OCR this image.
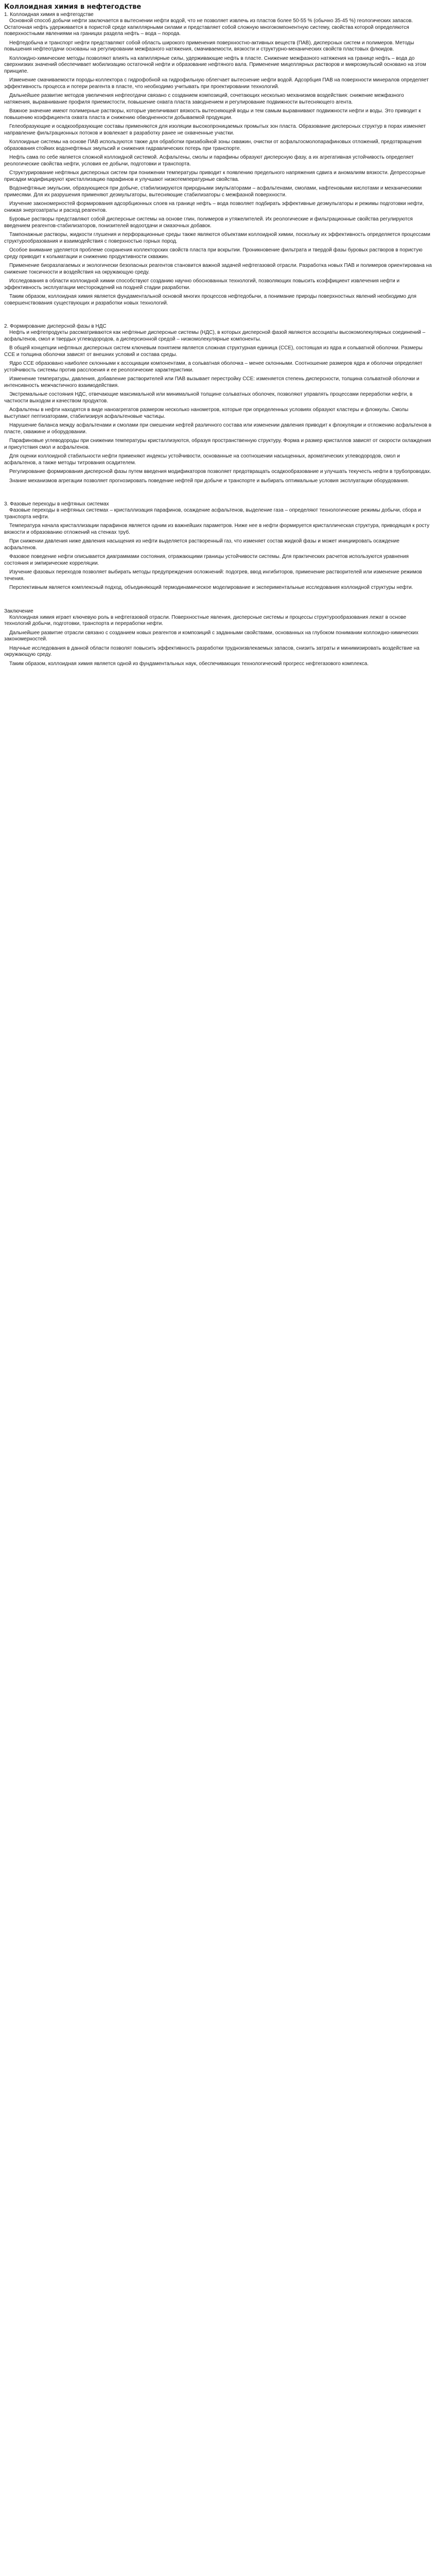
Коллоидная химия в нефтегодстве
1. Коллоидная химия в нефтегодстве

Основной способ добычи нефти заключается в вытеснении нефти водой, что не позволяет извлечь из пластов более 50-55 % (обычно 35-45 %) геологических запасов. Остаточная нефть удерживается в пористой среде капиллярными силами и представляет собой сложную многокомпонентную систему, свойства которой определяются поверхностными явлениями на границах раздела нефть – вода – порода.

Нефтедобыча и транспорт нефти представляют собой область широкого применения поверхностно-активных веществ (ПАВ), дисперсных систем и полимеров. Методы повышения нефтеотдачи основаны на регулировании межфазного натяжения, смачиваемости, вязкости и структурно-механических свойств пластовых флюидов.

Коллоидно-химические методы позволяют влиять на капиллярные силы, удерживающие нефть в пласте. Снижение межфазного натяжения на границе нефть – вода до сверхнизких значений обеспечивает мобилизацию остаточной нефти и образование нефтяного вала. Применение мицеллярных растворов и микроэмульсий основано на этом принципе.

Изменение смачиваемости породы-коллектора с гидрофобной на гидрофильную облегчает вытеснение нефти водой. Адсорбция ПАВ на поверхности минералов определяет эффективность процесса и потери реагента в пласте, что необходимо учитывать при проектировании технологий.

Дальнейшее развитие методов увеличения нефтеотдачи связано с созданием композиций, сочетающих несколько механизмов воздействия: снижение межфазного натяжения, выравнивание профиля приемистости, повышение охвата пласта заводнением и регулирование подвижности вытесняющего агента.

Важное значение имеют полимерные растворы, которые увеличивают вязкость вытесняющей воды и тем самым выравнивают подвижности нефти и воды. Это приводит к повышению коэффициента охвата пласта и снижению обводненности добываемой продукции.

Гелеобразующие и осадкообразующие составы применяются для изоляции высокопроницаемых промытых зон пласта. Образование дисперсных структур в порах изменяет направление фильтрационных потоков и вовлекает в разработку ранее не охваченные участки.

Коллоидные системы на основе ПАВ используются также для обработки призабойной зоны скважин, очистки от асфальтосмолопарафиновых отложений, предотвращения образования стойких водонефтяных эмульсий и снижения гидравлических потерь при транспорте.

Нефть сама по себе является сложной коллоидной системой. Асфальтены, смолы и парафины образуют дисперсную фазу, а их агрегативная устойчивость определяет реологические свойства нефти, условия ее добычи, подготовки и транспорта.

Структурирование нефтяных дисперсных систем при понижении температуры приводит к появлению предельного напряжения сдвига и аномалиям вязкости. Депрессорные присадки модифицируют кристаллизацию парафинов и улучшают низкотемпературные свойства.

Водонефтяные эмульсии, образующиеся при добыче, стабилизируются природными эмульгаторами – асфальтенами, смолами, нафтеновыми кислотами и механическими примесями. Для их разрушения применяют деэмульгаторы, вытесняющие стабилизаторы с межфазной поверхности.

Изучение закономерностей формирования адсорбционных слоев на границе нефть – вода позволяет подбирать эффективные деэмульгаторы и режимы подготовки нефти, снижая энергозатраты и расход реагентов.

Буровые растворы представляют собой дисперсные системы на основе глин, полимеров и утяжелителей. Их реологические и фильтрационные свойства регулируются введением реагентов-стабилизаторов, понизителей водоотдачи и смазочных добавок.

Тампонажные растворы, жидкости глушения и перфорационные среды также являются объектами коллоидной химии, поскольку их эффективность определяется процессами структурообразования и взаимодействия с поверхностью горных пород.

Особое внимание уделяется проблеме сохранения коллекторских свойств пласта при вскрытии. Проникновение фильтрата и твердой фазы буровых растворов в пористую среду приводит к кольматации и снижению продуктивности скважин.

Применение биоразлагаемых и экологически безопасных реагентов становится важной задачей нефтегазовой отрасли. Разработка новых ПАВ и полимеров ориентирована на снижение токсичности и воздействия на окружающую среду.

Исследования в области коллоидной химии способствуют созданию научно обоснованных технологий, позволяющих повысить коэффициент извлечения нефти и эффективность эксплуатации месторождений на поздней стадии разработки.

Таким образом, коллоидная химия является фундаментальной основой многих процессов нефтедобычи, а понимание природы поверхностных явлений необходимо для совершенствования существующих и разработки новых технологий.

2. Формирование дисперсной фазы в НДС

Нефть и нефтепродукты рассматриваются как нефтяные дисперсные системы (НДС), в которых дисперсной фазой являются ассоциаты высокомолекулярных соединений – асфальтенов, смол и твердых углеводородов, а дисперсионной средой – низкомолекулярные компоненты.

В общей концепции нефтяных дисперсных систем ключевым понятием является сложная структурная единица (ССЕ), состоящая из ядра и сольватной оболочки. Размеры ССЕ и толщина оболочки зависят от внешних условий и состава среды.

Ядро ССЕ образовано наиболее склонными к ассоциации компонентами, а сольватная оболочка – менее склонными. Соотношение размеров ядра и оболочки определяет устойчивость системы против расслоения и ее реологические характеристики.

Изменение температуры, давления, добавление растворителей или ПАВ вызывает перестройку ССЕ: изменяется степень дисперсности, толщина сольватной оболочки и интенсивность межчастичного взаимодействия.

Экстремальные состояния НДС, отвечающие максимальной или минимальной толщине сольватных оболочек, позволяют управлять процессами переработки нефти, в частности выходом и качеством продуктов.

Асфальтены в нефти находятся в виде наноагрегатов размером несколько нанометров, которые при определенных условиях образуют кластеры и флоккулы. Смолы выступают пептизаторами, стабилизируя асфальтеновые частицы.

Нарушение баланса между асфальтенами и смолами при смешении нефтей различного состава или изменении давления приводит к флокуляции и отложению асфальтенов в пласте, скважине и оборудовании.

Парафиновые углеводороды при снижении температуры кристаллизуются, образуя пространственную структуру. Форма и размер кристаллов зависят от скорости охлаждения и присутствия смол и асфальтенов.

Для оценки коллоидной стабильности нефти применяют индексы устойчивости, основанные на соотношении насыщенных, ароматических углеводородов, смол и асфальтенов, а также методы титрования осадителем.

Регулирование формирования дисперсной фазы путем введения модификаторов позволяет предотвращать осадкообразование и улучшать текучесть нефти в трубопроводах.

Знание механизмов агрегации позволяет прогнозировать поведение нефтей при добыче и транспорте и выбирать оптимальные условия эксплуатации оборудования.

3. Фазовые переходы в нефтяных системах

Фазовые переходы в нефтяных системах – кристаллизация парафинов, осаждение асфальтенов, выделение газа – определяют технологические режимы добычи, сбора и транспорта нефти.

Температура начала кристаллизации парафинов является одним из важнейших параметров. Ниже нее в нефти формируется кристаллическая структура, приводящая к росту вязкости и образованию отложений на стенках труб.

При снижении давления ниже давления насыщения из нефти выделяется растворенный газ, что изменяет состав жидкой фазы и может инициировать осаждение асфальтенов.

Фазовое поведение нефти описывается диаграммами состояния, отражающими границы устойчивости системы. Для практических расчетов используются уравнения состояния и эмпирические корреляции.

Изучение фазовых переходов позволяет выбирать методы предупреждения осложнений: подогрев, ввод ингибиторов, применение растворителей или изменение режимов течения.

Перспективным является комплексный подход, объединяющий термодинамическое моделирование и экспериментальные исследования коллоидной структуры нефти.

Заключение

Коллоидная химия играет ключевую роль в нефтегазовой отрасли. Поверхностные явления, дисперсные системы и процессы структурообразования лежат в основе технологий добычи, подготовки, транспорта и переработки нефти.

Дальнейшее развитие отрасли связано с созданием новых реагентов и композиций с заданными свойствами, основанных на глубоком понимании коллоидно-химических закономерностей.

Научные исследования в данной области позволят повысить эффективность разработки трудноизвлекаемых запасов, снизить затраты и минимизировать воздействие на окружающую среду.

Таким образом, коллоидная химия является одной из фундаментальных наук, обеспечивающих технологический прогресс нефтегазового комплекса.
